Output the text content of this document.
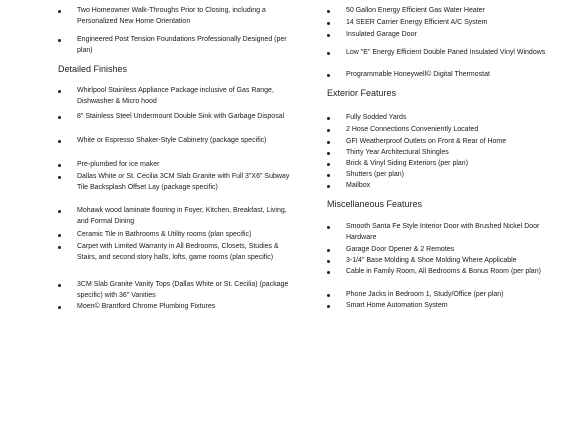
Two Homeowner Walk-Throughs Prior to Closing, including a Personalized New Home Orientation
Engineered Post Tension Foundations Professionally Designed (per plan)
Detailed Finishes
Whirlpool Stainless Appliance Package inclusive of Gas Range, Dishwasher & Micro hood
8" Stainless Steel Undermount Double Sink with Garbage Disposal
White or Espresso Shaker-Style Cabinetry (package specific)
Pre-plumbed for ice maker
Dallas White or St. Cecilia 3CM Slab Granite with Full 3"X6" Subway Tile Backsplash Offset Lay (package specific)
Mohawk wood laminate flooring in Foyer, Kitchen, Breakfast, Living, and Formal Dining
Ceramic Tile in Bathrooms & Utility rooms (plan specific)
Carpet with Limited Warranty in All Bedrooms, Closets, Studies & Stairs, and second story halls, lofts, game rooms (plan specific)
3CM Slab Granite Vanity Tops (Dallas White or St. Cecilia) (package specific) with 36" Vanities
Moen© Brantford Chrome Plumbing Fixtures
50 Gallon Energy Efficient Gas Water Heater
14 SEER Carrier Energy Efficient A/C System
Insulated Garage Door
Low "E" Energy Efficient Double Paned Insulated Vinyl Windows
Programmable Honeywell© Digital Thermostat
Exterior Features
Fully Sodded Yards
2 Hose Connections Conveniently Located
GFI Weatherproof Outlets on Front & Rear of Home
Thirty Year Architectural Shingles
Brick & Vinyl Siding Exteriors (per plan)
Shutters (per plan)
Mailbox
Miscellaneous Features
Smooth Santa Fe Style Interior Door with Brushed Nickel Door Hardware
Garage Door Opener & 2 Remotes
3-1/4" Base Molding & Shoe Molding Where Applicable
Cable in Family Room, All Bedrooms & Bonus Room (per plan)
Phone Jacks in Bedroom 1, Study/Office (per plan)
Smart Home Automation System
